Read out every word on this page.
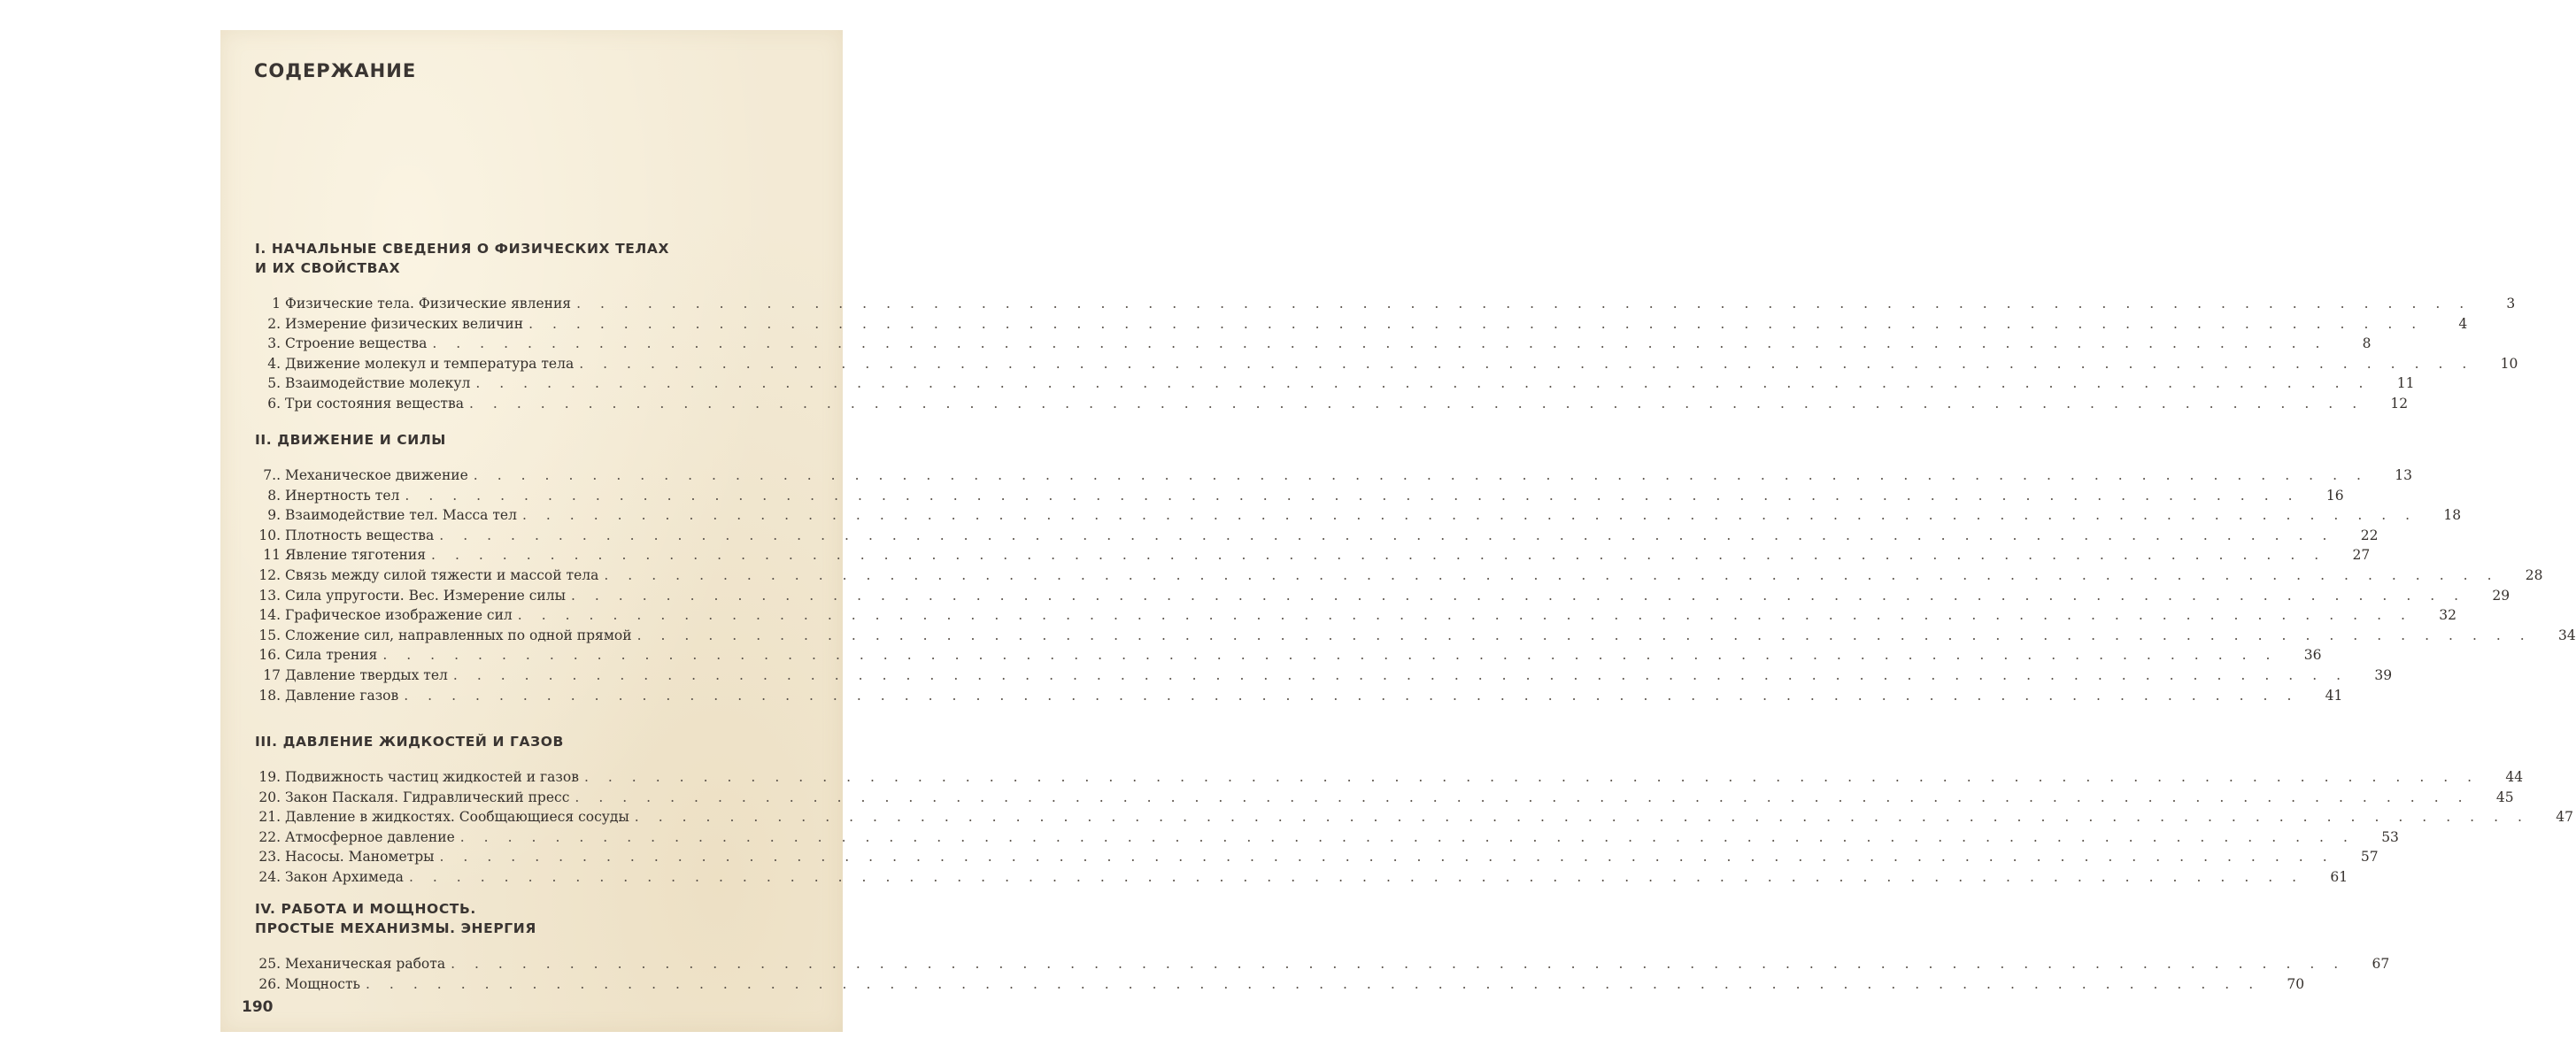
СОДЕРЖАНИЕ
I. НАЧАЛЬНЫЕ СВЕДЕНИЯ О ФИЗИЧЕСКИХ ТЕЛАХ
И ИХ СВОЙСТВАХ
1 Физические тела. Физические явления ................................................................................	3
2. Измерение физических величин ................................................................................	4
3. Строение вещества ................................................................................	8
4. Движение молекул и температура тела ................................................................................	10
5. Взаимодействие молекул ................................................................................	11
6. Три состояния вещества ................................................................................	12
II. ДВИЖЕНИЕ И СИЛЫ
7.. Механическое движение ................................................................................	13
8. Инертность тел ................................................................................	16
9. Взаимодействие тел. Масса тел ................................................................................	18
10. Плотность вещества ................................................................................	22
11 Явление тяготения ................................................................................	27
12. Связь между силой тяжести и массой тела ................................................................................	28
13. Сила упругости. Вес. Измерение силы ................................................................................	29
14. Графическое изображение сил ................................................................................	32
15. Сложение сил, направленных по одной прямой ................................................................................	34
16. Сила трения ................................................................................	36
17 Давление твердых тел ................................................................................	39
18. Давление газов ................................................................................	41
III. ДАВЛЕНИЕ ЖИДКОСТЕЙ И ГАЗОВ
19. Подвижность частиц жидкостей и газов ................................................................................	44
20. Закон Паскаля. Гидравлический пресс ................................................................................	45
21. Давление в жидкостях. Сообщающиеся сосуды ................................................................................	47
22. Атмосферное давление ................................................................................	53
23. Насосы. Манометры ................................................................................	57
24. Закон Архимеда ................................................................................	61
IV. РАБОТА И МОЩНОСТЬ.
ПРОСТЫЕ МЕХАНИЗМЫ. ЭНЕРГИЯ
25. Механическая работа ................................................................................	67
26. Мощность ................................................................................	70
190
